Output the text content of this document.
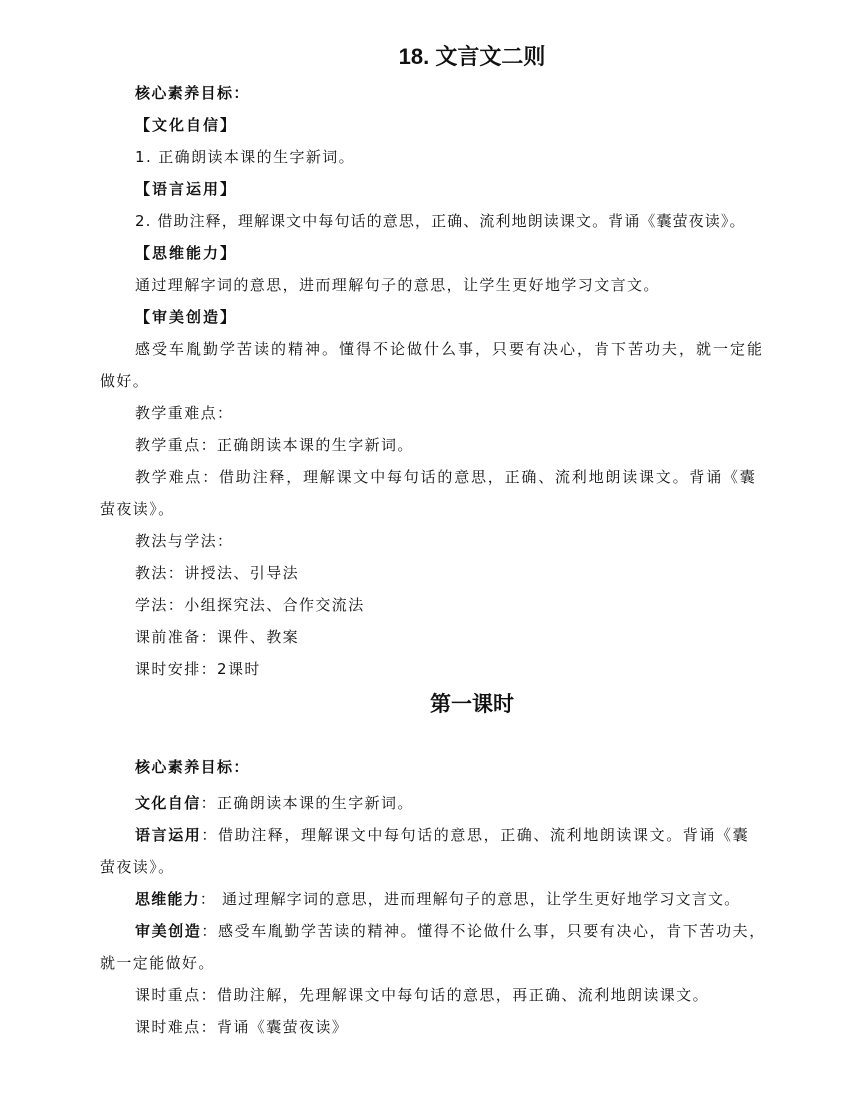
18. 文言文二则
核心素养目标：
【文化自信】
1. 正确朗读本课的生字新词。
【语言运用】
2. 借助注释，理解课文中每句话的意思，正确、流利地朗读课文。背诵《囊萤夜读》。
【思维能力】
通过理解字词的意思，进而理解句子的意思，让学生更好地学习文言文。
【审美创造】
感受车胤勤学苦读的精神。懂得不论做什么事，只要有决心，肯下苦功夫，就一定能
做好。
教学重难点：
教学重点：正确朗读本课的生字新词。
教学难点：借助注释，理解课文中每句话的意思，正确、流利地朗读课文。背诵《囊
萤夜读》。
教法与学法：
教法：讲授法、引导法
学法：小组探究法、合作交流法
课前准备：课件、教案
课时安排：2课时
第一课时
核心素养目标：
文化自信：正确朗读本课的生字新词。
语言运用：借助注释，理解课文中每句话的意思，正确、流利地朗读课文。背诵《囊
萤夜读》。
思维能力： 通过理解字词的意思，进而理解句子的意思，让学生更好地学习文言文。
审美创造：感受车胤勤学苦读的精神。懂得不论做什么事，只要有决心，肯下苦功夫，
就一定能做好。
课时重点：借助注解，先理解课文中每句话的意思，再正确、流利地朗读课文。
课时难点：背诵《囊萤夜读》
